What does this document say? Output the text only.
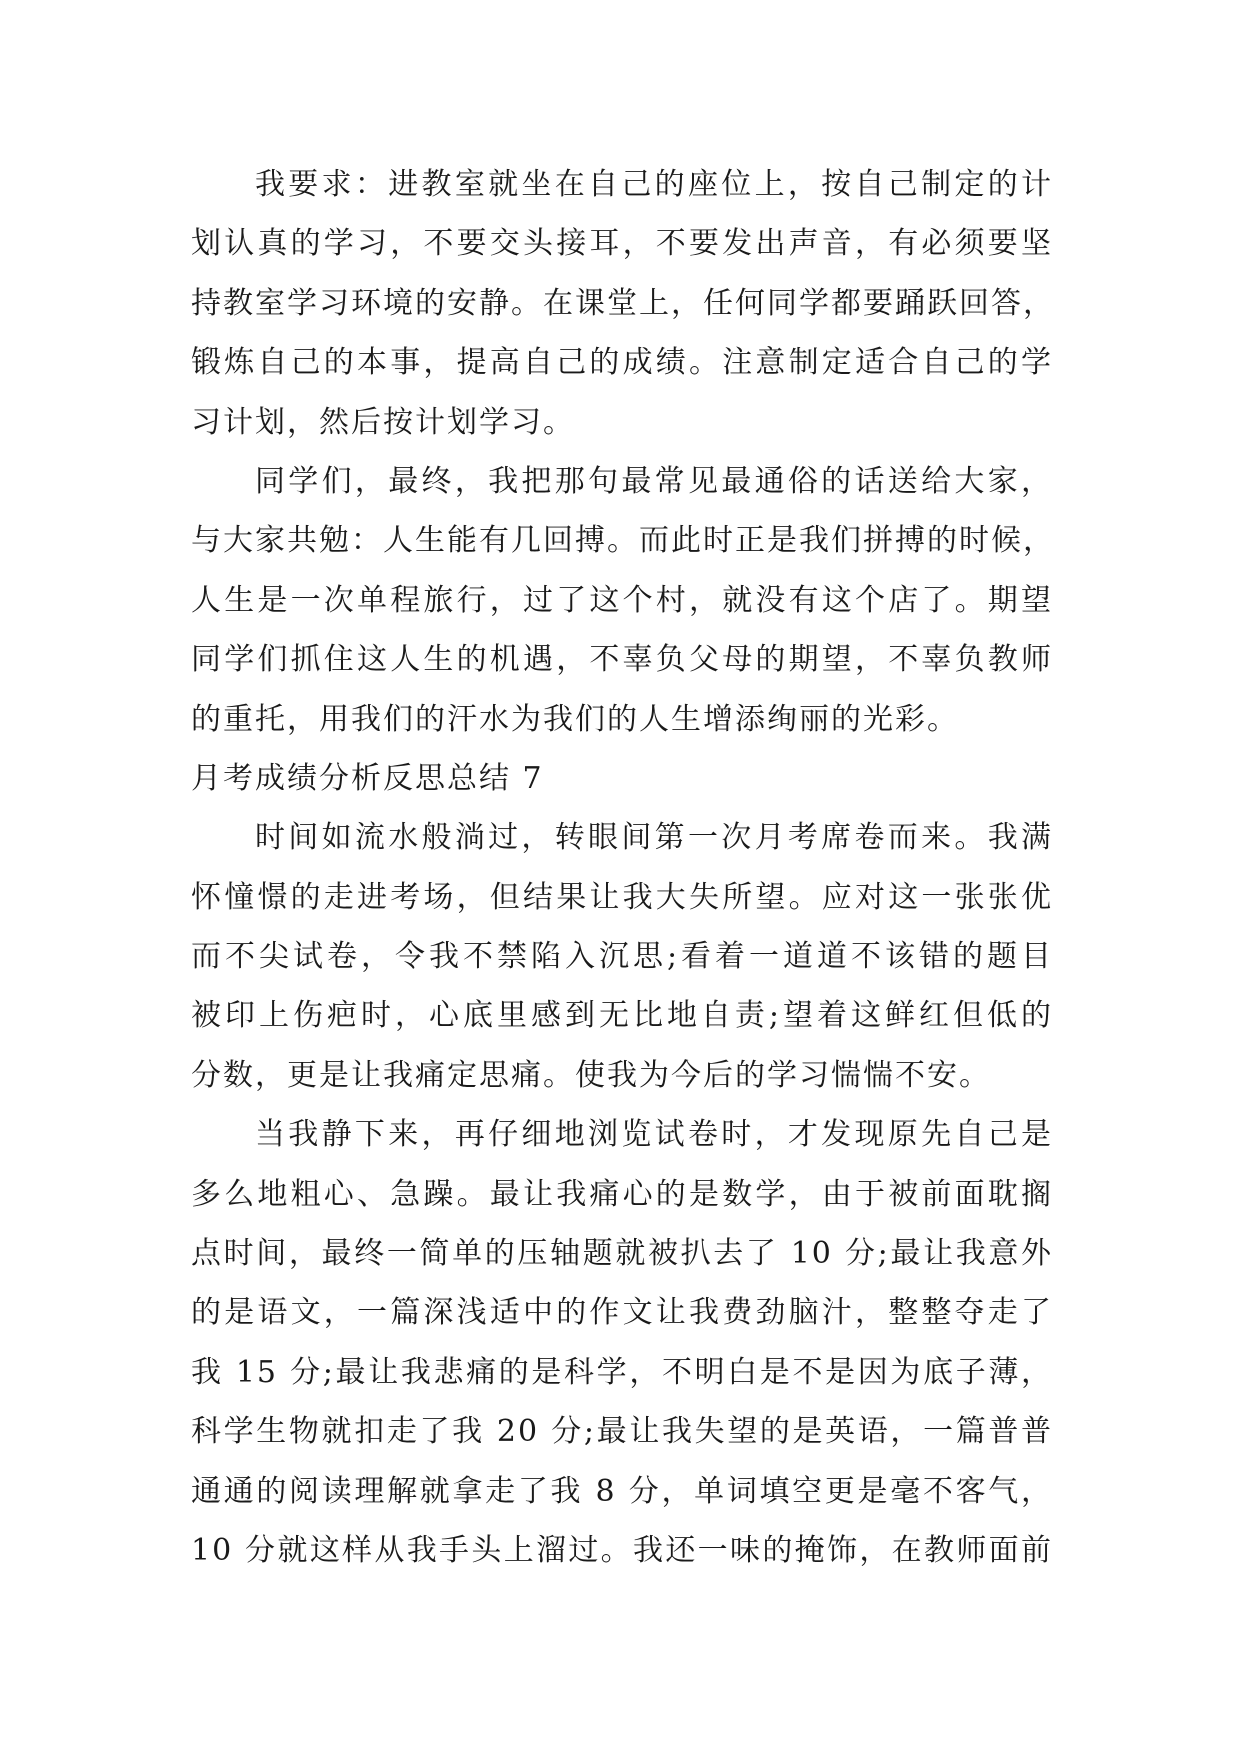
我要求：进教室就坐在自己的座位上，按自己制定的计
划认真的学习，不要交头接耳，不要发出声音，有必须要坚
持教室学习环境的安静。在课堂上，任何同学都要踊跃回答，
锻炼自己的本事，提高自己的成绩。注意制定适合自己的学
习计划，然后按计划学习。
同学们，最终，我把那句最常见最通俗的话送给大家，
与大家共勉：人生能有几回搏。而此时正是我们拼搏的时候，
人生是一次单程旅行，过了这个村，就没有这个店了。期望
同学们抓住这人生的机遇，不辜负父母的期望，不辜负教师
的重托，用我们的汗水为我们的人生增添绚丽的光彩。
月考成绩分析反思总结 7
时间如流水般淌过，转眼间第一次月考席卷而来。我满
怀憧憬的走进考场，但结果让我大失所望。应对这一张张优
而不尖试卷，令我不禁陷入沉思;看着一道道不该错的题目
被印上伤疤时，心底里感到无比地自责;望着这鲜红但低的
分数，更是让我痛定思痛。使我为今后的学习惴惴不安。
当我静下来，再仔细地浏览试卷时，才发现原先自己是
多么地粗心、急躁。最让我痛心的是数学，由于被前面耽搁
点时间，最终一简单的压轴题就被扒去了 10 分;最让我意外
的是语文，一篇深浅适中的作文让我费劲脑汁，整整夺走了
我 15 分;最让我悲痛的是科学，不明白是不是因为底子薄，
科学生物就扣走了我 20 分;最让我失望的是英语，一篇普普
通通的阅读理解就拿走了我 8 分，单词填空更是毫不客气，
10 分就这样从我手头上溜过。我还一味的掩饰，在教师面前
